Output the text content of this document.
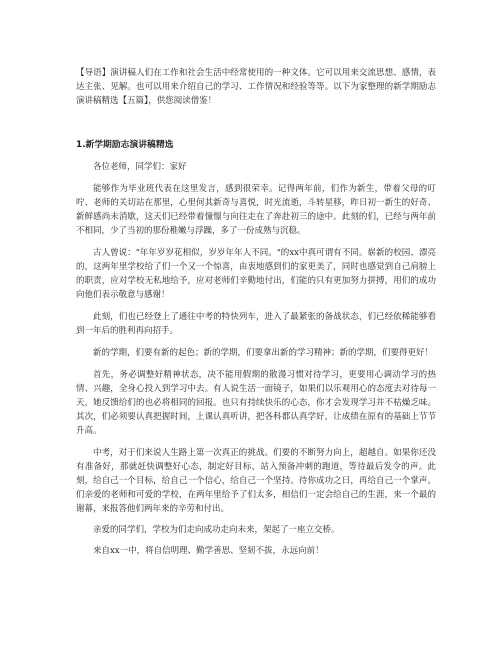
【导语】演讲稿人们在工作和社会生活中经常使用的一种文体。它可以用来交流思想、感情，表达主张、见解。也可以用来介绍自己的学习、工作情况和经验等等。以下为家整理的新学期励志演讲稿精选【五篇】，供您阅读借鉴！

1.新学期励志演讲稿精选

各位老师，同学们：家好

能够作为毕业班代表在这里发言，感到很荣幸。记得两年前，们作为新生，带着父母的叮咛、老师的关切站在那里，心里何其新奇与喜悦，时光流逝，斗转星移，昨日初一新生的好奇、新鲜感尚未消歇，这天们已经带着憧憬与向往走在了奔赴初三的途中。此刻的们，已经与两年前不相同，少了当初的那份稚嫩与浮躁，多了一份成熟与沉稳。

古人曾说："年年岁岁花相似，岁岁年年人不同。"的xx中真可谓有不同。崭新的校园、漂亮的，这两年里学校给了们一个又一个惊喜，由衷地感到们的家更美了，同时也感觉到自己肩膀上的职责，应对学校无私地给予，应对老师们辛勤地付出，们能的只有更加努力拼搏，用们的成功向他们表示敬意与感谢！

此刻，们也已经登上了通往中考的特快列车，进入了最紧张的备战状态，们已经依稀能够看到一年后的胜利再向招手。

新的学期，们要有新的起色；新的学期，们要拿出新的学习精神；新的学期，们要得更好！

首先，务必调整好精神状态，决不能用假期的散漫习惯对待学习，更要用心调动学习的热情、兴趣，全身心投入到学习中去。有人说生活一面镜子，如果们以乐观用心的态度去对待每一天，她反馈给们的也必将相同的回报。也只有持续快乐的心态，你才会发现学习并不枯燥乏味。其次，们必须要认真把握时间，上课认真听讲，把各科都认真学好，让成绩在原有的基础上节节升高。

中考，对于们来说人生路上第一次真正的挑战。们要的不断努力向上，超越自。如果你还没有准备好，那就赶快调整好心态，制定好目标，站入预备冲刺的跑道，等待最后发令的声。此刻，给自己一个目标，给自己一个信心，给自己一个坚持。待你成功之日，再给自己一个掌声。们亲爱的老师和可爱的学校，在两年里给予了们太多，相信们一定会给自己的生涯，来一个最的谢幕，来报答他们两年来的辛劳和付出。

亲爱的同学们，学校为们走向成功走向未来，架起了一座立交桥。

来自xx一中，将自信明理、勤学善思、坚韧不拔，永远向前！
